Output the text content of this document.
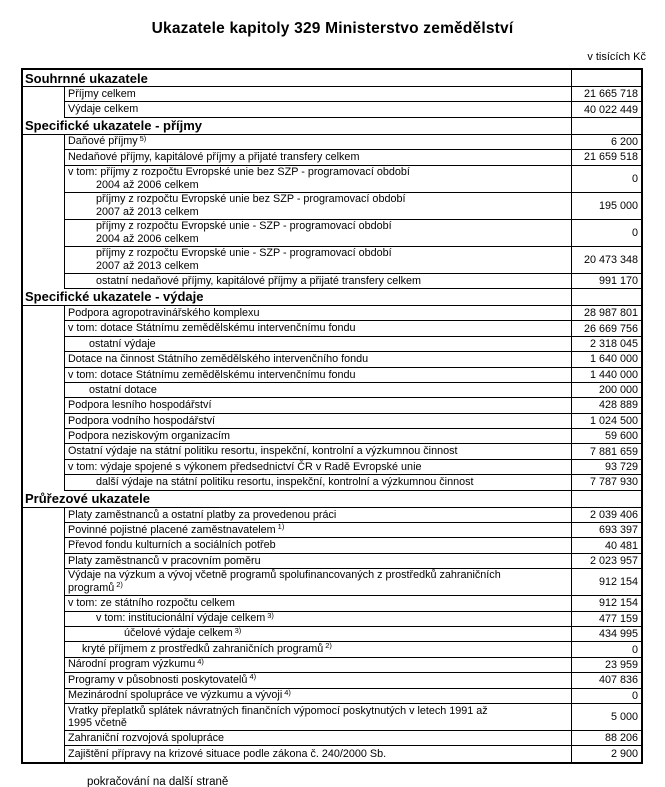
Ukazatele kapitoly 329 Ministerstvo zemědělství
v tisících Kč
Souhrnné ukazatele
Příjmy celkem	21 665 718
Výdaje celkem	40 022 449
Specifické ukazatele - příjmy
Daňové příjmy $^{5)}$	6 200
Nedaňové příjmy, kapitálové příjmy a přijaté transfery celkem	21 659 518
v tom: příjmy z rozpočtu Evropské unie bez SZP - programovací období
2004 až 2006 celkem	0
příjmy z rozpočtu Evropské unie bez SZP - programovací období
2007 až 2013 celkem	195 000
příjmy z rozpočtu Evropské unie - SZP - programovací období
2004 až 2006 celkem	0
příjmy z rozpočtu Evropské unie - SZP - programovací období
2007 až 2013 celkem	20 473 348
ostatní nedaňové příjmy, kapitálové příjmy a přijaté transfery celkem	991 170
Specifické ukazatele - výdaje
Podpora agropotravinářského komplexu	28 987 801
v tom: dotace Státnímu zemědělskému intervenčnímu fondu	26 669 756
ostatní výdaje	2 318 045
Dotace na činnost Státního zemědělského intervenčního fondu	1 640 000
v tom: dotace Státnímu zemědělskému intervenčnímu fondu	1 440 000
ostatní dotace	200 000
Podpora lesního hospodářství	428 889
Podpora vodního hospodářství	1 024 500
Podpora neziskovým organizacím	59 600
Ostatní výdaje na státní politiku resortu, inspekční, kontrolní a výzkumnou činnost	7 881 659
v tom: výdaje spojené s výkonem předsednictví ČR v Radě Evropské unie	93 729
další výdaje na státní politiku resortu, inspekční, kontrolní a výzkumnou činnost	7 787 930
Průřezové ukazatele
Platy zaměstnanců a ostatní platby za provedenou práci	2 039 406
Povinné pojistné placené zaměstnavatelem $^{1)}$	693 397
Převod fondu kulturních a sociálních potřeb	40 481
Platy zaměstnanců v pracovním poměru	2 023 957
Výdaje na výzkum a vývoj včetně programů spolufinancovaných z prostředků zahraničních
programů $^{2)}$	912 154
v tom: ze státního rozpočtu celkem	912 154
v tom: institucionální výdaje celkem $^{3)}$	477 159
účelové výdaje celkem $^{3)}$	434 995
kryté příjmem z prostředků zahraničních programů $^{2)}$	0
Národní program výzkumu $^{4)}$	23 959
Programy v působnosti poskytovatelů $^{4)}$	407 836
Mezinárodní spolupráce ve výzkumu a vývoji $^{4)}$	0
Vratky přeplatků splátek návratných finančních výpomocí poskytnutých v letech 1991 až
1995 včetně	5 000
Zahraniční rozvojová spolupráce	88 206
Zajištění přípravy na krizové situace podle zákona č. 240/2000 Sb.	2 900
pokračování na další straně
